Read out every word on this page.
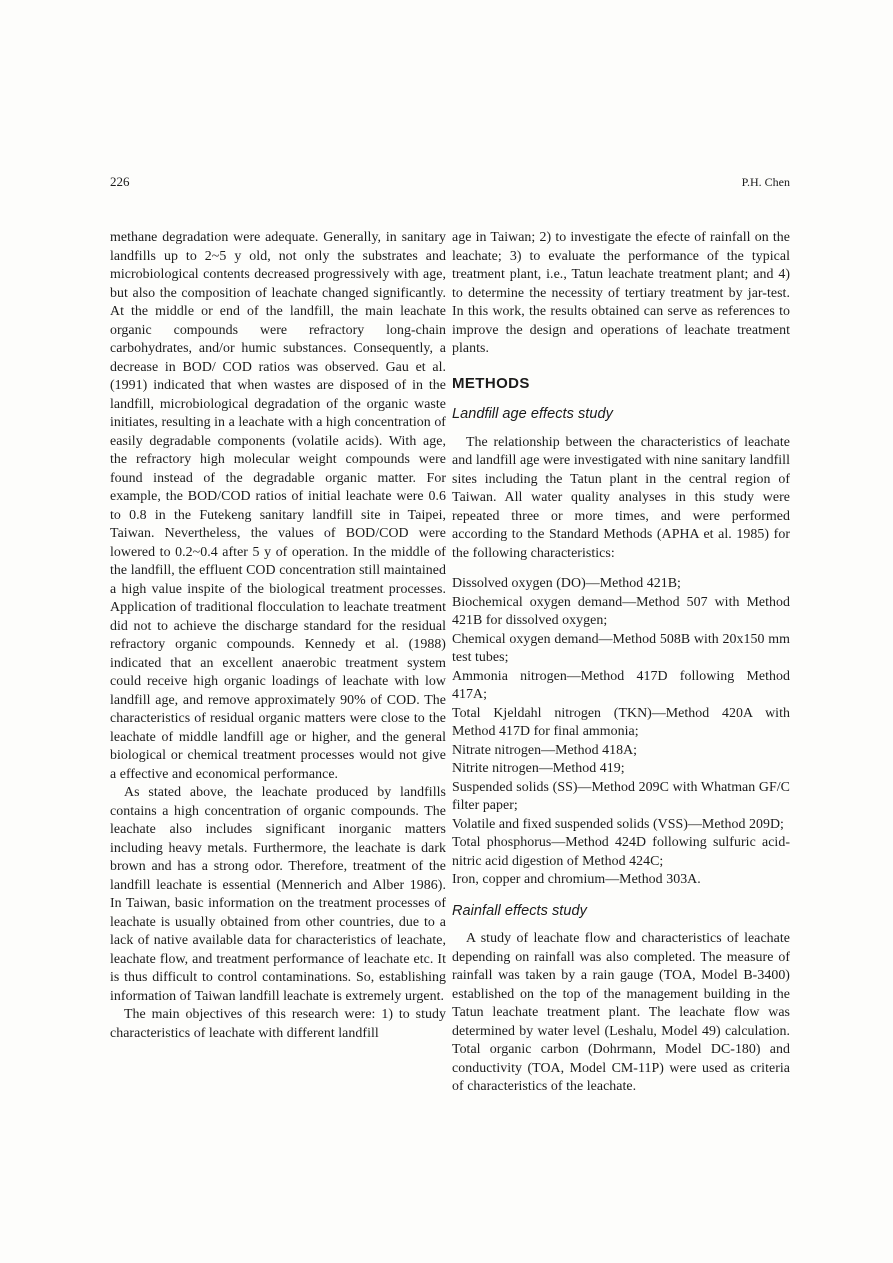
226	P.H. Chen

methane degradation were adequate. Generally, in sanitary landfills up to 2~5 y old, not only the substrates and microbiological contents decreased progressively with age, but also the composition of leachate changed significantly. At the middle or end of the landfill, the main leachate organic compounds were refractory long-chain carbohydrates, and/or humic substances. Consequently, a decrease in BOD/ COD ratios was observed. Gau et al. (1991) indicated that when wastes are disposed of in the landfill, microbiological degradation of the organic waste initiates, resulting in a leachate with a high concentration of easily degradable components (volatile acids). With age, the refractory high molecular weight compounds were found instead of the degradable organic matter. For example, the BOD/COD ratios of initial leachate were 0.6 to 0.8 in the Futekeng sanitary landfill site in Taipei, Taiwan. Nevertheless, the values of BOD/COD were lowered to 0.2~0.4 after 5 y of operation. In the middle of the landfill, the effluent COD concentration still maintained a high value inspite of the biological treatment processes. Application of traditional flocculation to leachate treatment did not to achieve the discharge standard for the residual refractory organic compounds. Kennedy et al. (1988) indicated that an excellent anaerobic treatment system could receive high organic loadings of leachate with low landfill age, and remove approximately 90% of COD. The characteristics of residual organic matters were close to the leachate of middle landfill age or higher, and the general biological or chemical treatment processes would not give a effective and economical performance.

As stated above, the leachate produced by landfills contains a high concentration of organic compounds. The leachate also includes significant inorganic matters including heavy metals. Furthermore, the leachate is dark brown and has a strong odor. Therefore, treatment of the landfill leachate is essential (Mennerich and Alber 1986). In Taiwan, basic information on the treatment processes of leachate is usually obtained from other countries, due to a lack of native available data for characteristics of leachate, leachate flow, and treatment performance of leachate etc. It is thus difficult to control contaminations. So, establishing information of Taiwan landfill leachate is extremely urgent.

The main objectives of this research were: 1) to study characteristics of leachate with different landfill

age in Taiwan; 2) to investigate the efecte of rainfall on the leachate; 3) to evaluate the performance of the typical treatment plant, i.e., Tatun leachate treatment plant; and 4) to determine the necessity of tertiary treatment by jar-test. In this work, the results obtained can serve as references to improve the design and operations of leachate treatment plants.

METHODS
Landfill age effects study

The relationship between the characteristics of leachate and landfill age were investigated with nine sanitary landfill sites including the Tatun plant in the central region of Taiwan. All water quality analyses in this study were repeated three or more times, and were performed according to the Standard Methods (APHA et al. 1985) for the following characteristics:

Dissolved oxygen (DO)—Method 421B;
Biochemical oxygen demand—Method 507 with Method 421B for dissolved oxygen;
Chemical oxygen demand—Method 508B with 20x150 mm test tubes;
Ammonia nitrogen—Method 417D following Method 417A;
Total Kjeldahl nitrogen (TKN)—Method 420A with Method 417D for final ammonia;
Nitrate nitrogen—Method 418A;
Nitrite nitrogen—Method 419;
Suspended solids (SS)—Method 209C with Whatman GF/C filter paper;
Volatile and fixed suspended solids (VSS)—Method 209D;
Total phosphorus—Method 424D following sulfuric acid-nitric acid digestion of Method 424C;
Iron, copper and chromium—Method 303A.
Rainfall effects study

A study of leachate flow and characteristics of leachate depending on rainfall was also completed. The measure of rainfall was taken by a rain gauge (TOA, Model B-3400) established on the top of the management building in the Tatun leachate treatment plant. The leachate flow was determined by water level (Leshalu, Model 49) calculation. Total organic carbon (Dohrmann, Model DC-180) and conductivity (TOA, Model CM-11P) were used as criteria of characteristics of the leachate.
